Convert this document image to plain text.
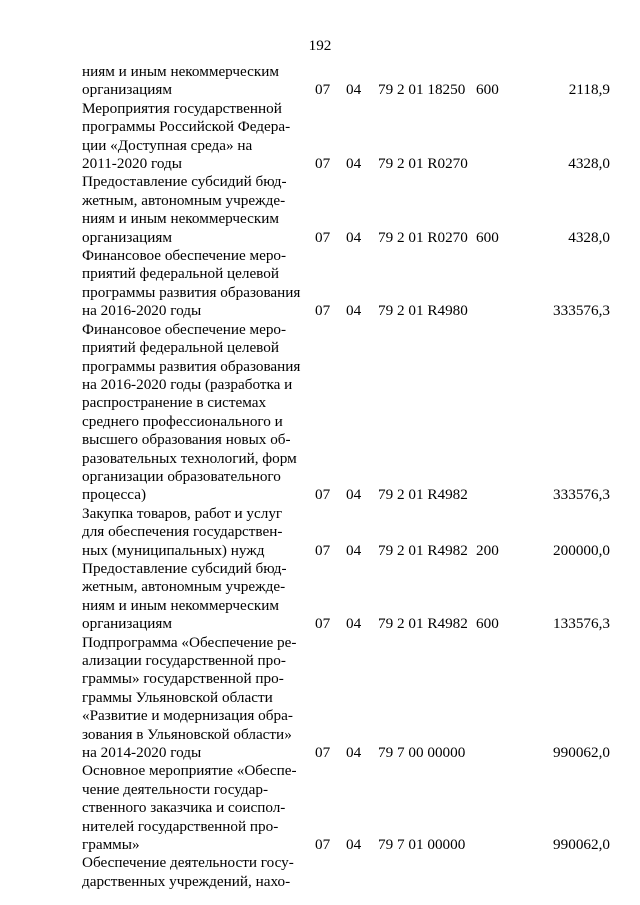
192

ниям и иным некоммерческим

организациям	07 04 79 2 01 18250 600	2118,9

Мероприятия государственной

программы Российской Федера-

ции «Доступная среда» на

2011-2020 годы	07 04 79 2 01 R0270	4328,0

Предоставление субсидий бюд-

жетным, автономным учрежде-

ниям и иным некоммерческим

организациям	07 04 79 2 01 R0270 600	4328,0

Финансовое обеспечение меро-

приятий федеральной целевой

программы развития образования

на 2016-2020 годы	07 04 79 2 01 R4980	333576,3

Финансовое обеспечение меро-

приятий федеральной целевой

программы развития образования

на 2016-2020 годы (разработка и

распространение в системах

среднего профессионального и

высшего образования новых об-

разовательных технологий, форм

организации образовательного

процесса)	07 04 79 2 01 R4982	333576,3

Закупка товаров, работ и услуг

для обеспечения государствен-

ных (муниципальных) нужд	07 04 79 2 01 R4982 200	200000,0

Предоставление субсидий бюд-

жетным, автономным учрежде-

ниям и иным некоммерческим

организациям	07 04 79 2 01 R4982 600	133576,3

Подпрограмма «Обеспечение ре-

ализации государственной про-

граммы» государственной про-

граммы Ульяновской области

«Развитие и модернизация обра-

зования в Ульяновской области»

на 2014-2020 годы	07 04 79 7 00 00000	990062,0

Основное мероприятие «Обеспе-

чение деятельности государ-

ственного заказчика и соиспол-

нителей государственной про-

граммы»	07 04 79 7 01 00000	990062,0

Обеспечение деятельности госу-

дарственных учреждений, нахо-
